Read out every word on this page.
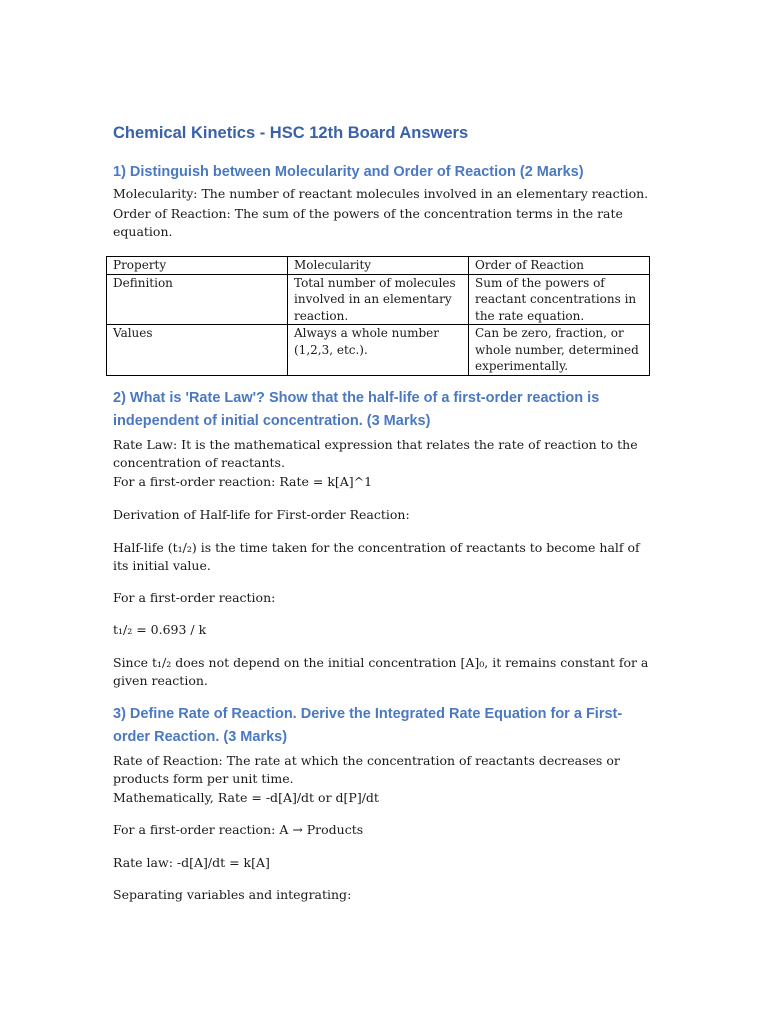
Chemical Kinetics - HSC 12th Board Answers
1) Distinguish between Molecularity and Order of Reaction (2 Marks)

Molecularity: The number of reactant molecules involved in an elementary reaction.

Order of Reaction: The sum of the powers of the concentration terms in the rate equation.

Property	Molecularity	Order of Reaction
Definition	Total number of molecules involved in an elementary reaction.	Sum of the powers of reactant concentrations in the rate equation.
Values	Always a whole number (1,2,3, etc.).	Can be zero, fraction, or whole number, determined experimentally.
2) What is 'Rate Law'? Show that the half-life of a first-order reaction is independent of initial concentration. (3 Marks)

Rate Law: It is the mathematical expression that relates the rate of reaction to the concentration of reactants.

For a first-order reaction: Rate = k[A]^1

Derivation of Half-life for First-order Reaction:

Half-life (t₁/₂) is the time taken for the concentration of reactants to become half of its initial value.

For a first-order reaction:

t₁/₂ = 0.693 / k

Since t₁/₂ does not depend on the initial concentration [A]₀, it remains constant for a given reaction.

3) Define Rate of Reaction. Derive the Integrated Rate Equation for a First-order Reaction. (3 Marks)

Rate of Reaction: The rate at which the concentration of reactants decreases or products form per unit time.

Mathematically, Rate = -d[A]/dt or d[P]/dt

For a first-order reaction: A → Products

Rate law: -d[A]/dt = k[A]

Separating variables and integrating:
